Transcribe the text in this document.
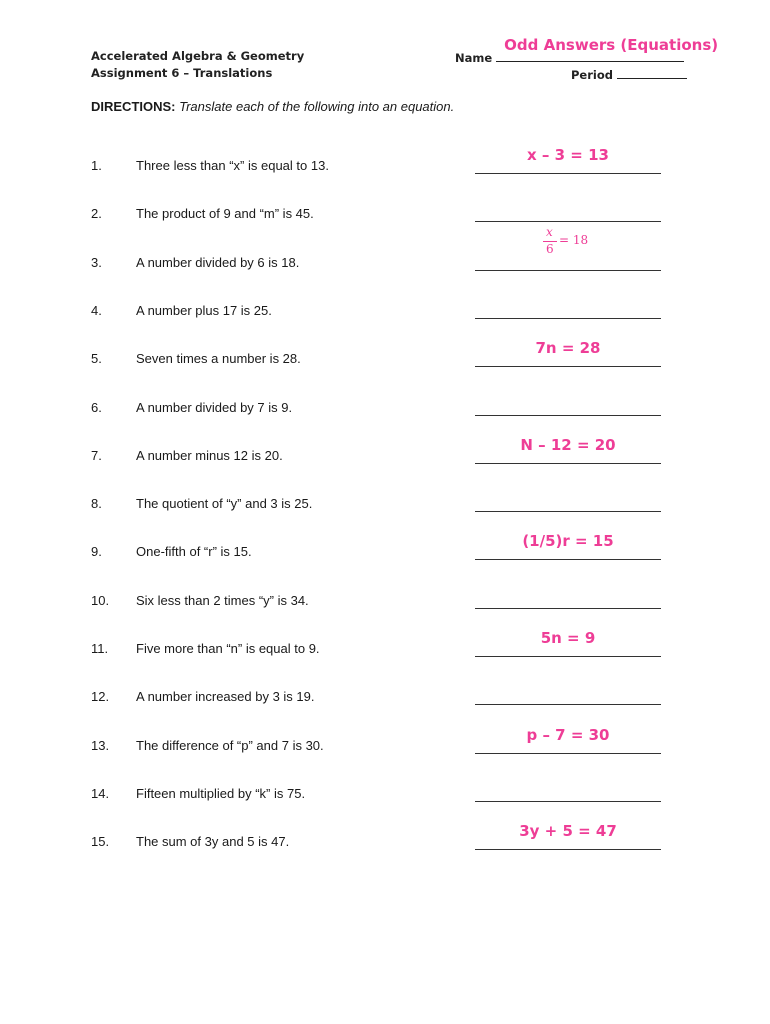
Accelerated Algebra & Geometry
Assignment 6 – Translations
Name
Odd Answers (Equations)
Period
DIRECTIONS: Translate each of the following into an equation.
1.	Three less than “x” is equal to 13.
x – 3 = 13
2.	The product of 9 and “m” is 45.
3.	A number divided by 6 is 18.
x
6
= 18
4.	A number plus 17 is 25.
5.	Seven times a number is 28.
7n = 28
6.	A number divided by 7 is 9.
7.	A number minus 12 is 20.
N – 12 = 20
8.	The quotient of “y” and 3 is 25.
9.	One-fifth of “r” is 15.
(1/5)r = 15
10. Six less than 2 times “y” is 34.
11. Five more than “n” is equal to 9.
5n = 9
12. A number increased by 3 is 19.
13. The difference of “p” and 7 is 30.
p – 7 = 30
14. Fifteen multiplied by “k” is 75.
15. The sum of 3y and 5 is 47.
3y + 5 = 47
